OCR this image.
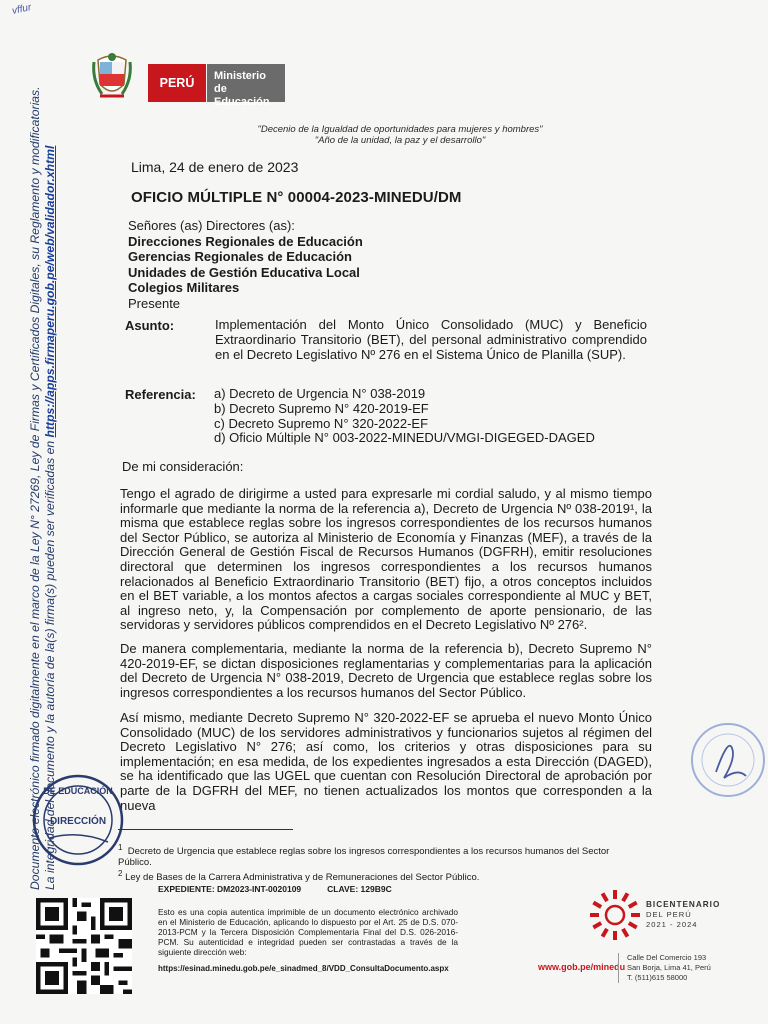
vffur
Documento electrónico firmado digitalmente en el marco de la Ley N° 27269, Ley de Firmas y Certificados Digitales, su Reglamento y modificatorias. La integridad del documento y la autoría de la(s) firma(s) pueden ser verificadas en https://apps.firmaperu.gob.pe/web/validador.xhtml
PERÚ	Ministerio
de Educación
"Decenio de la Igualdad de oportunidades para mujeres y hombres"
"Año de la unidad, la paz y el desarrollo"
Lima, 24 de enero de 2023
OFICIO MÚLTIPLE N° 00004-2023-MINEDU/DM
Señores (as) Directores (as):
Direcciones Regionales de Educación
Gerencias Regionales de Educación
Unidades de Gestión Educativa Local
Colegios Militares
Presente
Asunto:	Implementación del Monto Único Consolidado (MUC) y Beneficio Extraordinario Transitorio (BET), del personal administrativo comprendido en el Decreto Legislativo Nº 276 en el Sistema Único de Planilla (SUP).
Referencia: a) Decreto de Urgencia N° 038-2019
b) Decreto Supremo N° 420-2019-EF
c) Decreto Supremo N° 320-2022-EF
d) Oficio Múltiple N° 003-2022-MINEDU/VMGI-DIGEGED-DAGED
De mi consideración:
Tengo el agrado de dirigirme a usted para expresarle mi cordial saludo, y al mismo tiempo informarle que mediante la norma de la referencia a), Decreto de Urgencia Nº 038-2019¹, la misma que establece reglas sobre los ingresos correspondientes de los recursos humanos del Sector Público, se autoriza al Ministerio de Economía y Finanzas (MEF), a través de la Dirección General de Gestión Fiscal de Recursos Humanos (DGFRH), emitir resoluciones directoral que determinen los ingresos correspondientes a los recursos humanos relacionados al Beneficio Extraordinario Transitorio (BET) fijo, a otros conceptos incluidos en el BET variable, a los montos afectos a cargas sociales correspondiente al MUC y BET, al ingreso neto, y, la Compensación por complemento de aporte pensionario, de las servidoras y servidores públicos comprendidos en el Decreto Legislativo Nº 276².
De manera complementaria, mediante la norma de la referencia b), Decreto Supremo N° 420-2019-EF, se dictan disposiciones reglamentarias y complementarias para la aplicación del Decreto de Urgencia N° 038-2019, Decreto de Urgencia que establece reglas sobre los ingresos correspondientes a los recursos humanos del Sector Público.
Así mismo, mediante Decreto Supremo N° 320-2022-EF se aprueba el nuevo Monto Único Consolidado (MUC) de los servidores administrativos y funcionarios sujetos al régimen del Decreto Legislativo N° 276; así como, los criterios y otras disposiciones para su implementación; en esa medida, de los expedientes ingresados a esta Dirección (DAGED), se ha identificado que las UGEL que cuentan con Resolución Directoral de aprobación por parte de la DGFRH del MEF, no tienen actualizados los montos que corresponden a la nueva
DE EDUCACIÓN
DIRECCIÓN
$^1$ Decreto de Urgencia que establece reglas sobre los ingresos correspondientes a los recursos humanos del Sector Público.
$^2$ Ley de Bases de la Carrera Administrativa y de Remuneraciones del Sector Público.
EXPEDIENTE: DM2023-INT-0020109	CLAVE: 129B9C
Esto es una copia autentica imprimible de un documento electrónico archivado en el Ministerio de Educación, aplicando lo dispuesto por el Art. 25 de D.S. 070-2013-PCM y la Tercera Disposición Complementaria Final del D.S. 026-2016-PCM. Su autenticidad e integridad pueden ser contrastadas a través de la siguiente dirección web:
https://esinad.minedu.gob.pe/e_sinadmed_8/VDD_ConsultaDocumento.aspx
BICENTENARIO
DEL PERÚ
2021 - 2024
www.gob.pe/minedu
Calle Del Comercio 193
San Borja, Lima 41, Perú
T. (511)615 58000
